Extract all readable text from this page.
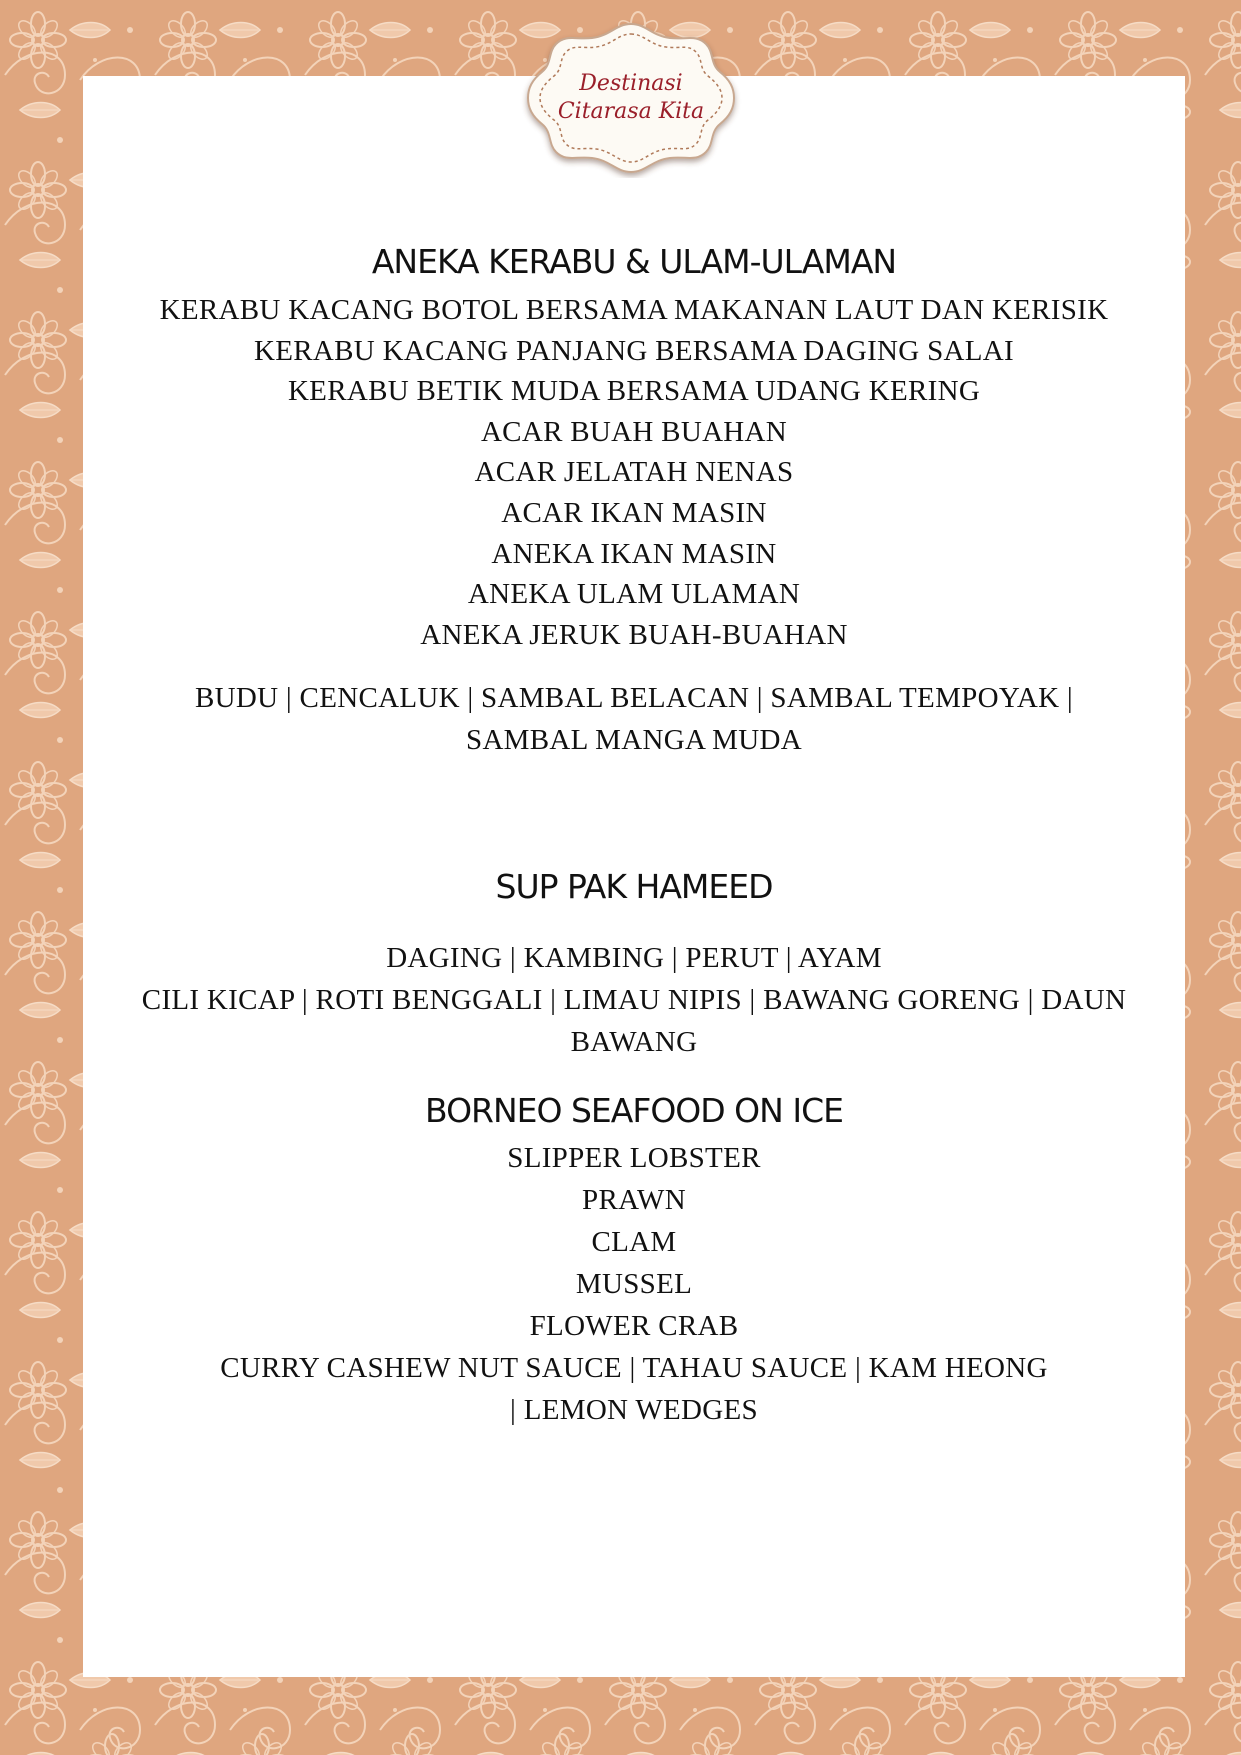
Destinasi
Citarasa Kita
ANEKA KERABU & ULAM-ULAMAN

KERABU KACANG BOTOL BERSAMA MAKANAN LAUT DAN KERISIK

KERABU KACANG PANJANG BERSAMA DAGING SALAI

KERABU BETIK MUDA BERSAMA UDANG KERING

ACAR BUAH BUAHAN

ACAR JELATAH NENAS

ACAR IKAN MASIN

ANEKA IKAN MASIN

ANEKA ULAM ULAMAN

ANEKA JERUK BUAH-BUAHAN

BUDU | CENCALUK | SAMBAL BELACAN | SAMBAL TEMPOYAK |

SAMBAL MANGA MUDA

SUP PAK HAMEED

DAGING | KAMBING | PERUT | AYAM

CILI KICAP | ROTI BENGGALI | LIMAU NIPIS | BAWANG GORENG | DAUN

BAWANG

BORNEO SEAFOOD ON ICE

SLIPPER LOBSTER

PRAWN

CLAM

MUSSEL

FLOWER CRAB

CURRY CASHEW NUT SAUCE | TAHAU SAUCE | KAM HEONG

| LEMON WEDGES
